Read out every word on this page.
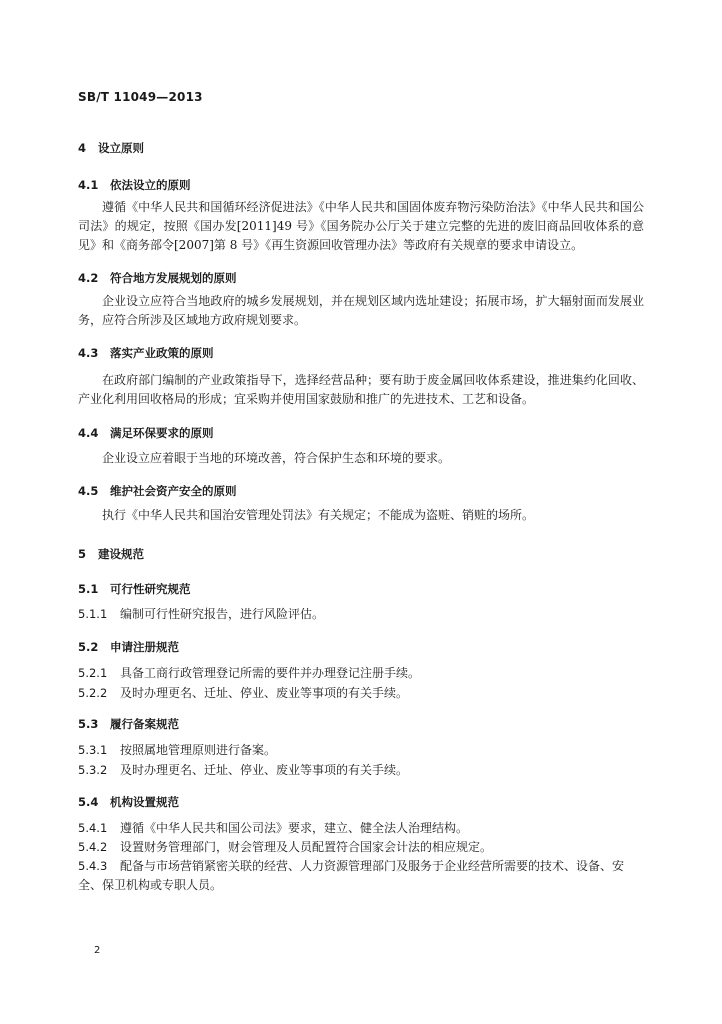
SB/T 11049—2013
4 设立原则
4.1 依法设立的原则
遵循《中华人民共和国循环经济促进法》《中华人民共和国固体废弃物污染防治法》《中华人民共和国公司法》的规定，按照《国办发[2011]49 号》《国务院办公厅关于建立完整的先进的废旧商品回收体系的意见》和《商务部令[2007]第 8 号》《再生资源回收管理办法》等政府有关规章的要求申请设立。
4.2 符合地方发展规划的原则
企业设立应符合当地政府的城乡发展规划，并在规划区域内选址建设；拓展市场，扩大辐射面而发展业务，应符合所涉及区域地方政府规划要求。
4.3 落实产业政策的原则
在政府部门编制的产业政策指导下，选择经营品种；要有助于废金属回收体系建设，推进集约化回收、产业化利用回收格局的形成；宜采购并使用国家鼓励和推广的先进技术、工艺和设备。
4.4 满足环保要求的原则
企业设立应着眼于当地的环境改善，符合保护生态和环境的要求。
4.5 维护社会资产安全的原则
执行《中华人民共和国治安管理处罚法》有关规定；不能成为盗赃、销赃的场所。
5 建设规范
5.1 可行性研究规范
5.1.1 编制可行性研究报告，进行风险评估。
5.2 申请注册规范
5.2.1 具备工商行政管理登记所需的要件并办理登记注册手续。
5.2.2 及时办理更名、迁址、停业、废业等事项的有关手续。
5.3 履行备案规范
5.3.1 按照属地管理原则进行备案。
5.3.2 及时办理更名、迁址、停业、废业等事项的有关手续。
5.4 机构设置规范
5.4.1 遵循《中华人民共和国公司法》要求，建立、健全法人治理结构。
5.4.2 设置财务管理部门，财会管理及人员配置符合国家会计法的相应规定。
5.4.3 配备与市场营销紧密关联的经营、人力资源管理部门及服务于企业经营所需要的技术、设备、安全、保卫机构或专职人员。
2
